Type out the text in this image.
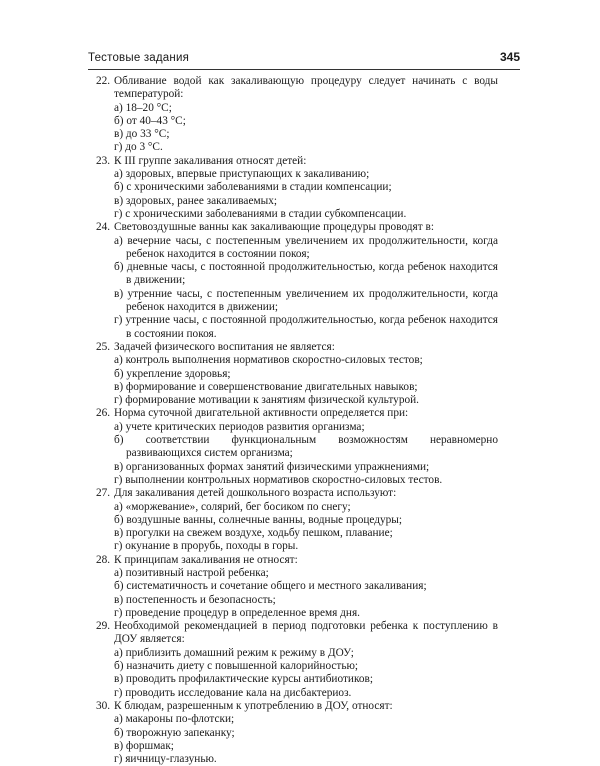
Тестовые задания	345
22. Обливание водой как закаливающую процедуру следует начинать с воды температурой:
а) 18–20 °С;
б) от 40–43 °С;
в) до 33 °С;
г) до 3 °С.
23. К III группе закаливания относят детей:
а) здоровых, впервые приступающих к закаливанию;
б) с хроническими заболеваниями в стадии компенсации;
в) здоровых, ранее закаливаемых;
г) с хроническими заболеваниями в стадии субкомпенсации.
24. Световоздушные ванны как закаливающие процедуры проводят в:
а) вечерние часы, с постепенным увеличением их продолжительности, когда ребенок находится в состоянии покоя;
б) дневные часы, с постоянной продолжительностью, когда ребенок находится в движении;
в) утренние часы, с постепенным увеличением их продолжительности, когда ребенок находится в движении;
г) утренние часы, с постоянной продолжительностью, когда ребенок находится в состоянии покоя.
25. Задачей физического воспитания не является:
а) контроль выполнения нормативов скоростно-силовых тестов;
б) укрепление здоровья;
в) формирование и совершенствование двигательных навыков;
г) формирование мотивации к занятиям физической культурой.
26. Норма суточной двигательной активности определяется при:
а) учете критических периодов развития организма;
б) соответствии функциональным возможностям неравномерно развивающихся систем организма;
в) организованных формах занятий физическими упражнениями;
г) выполнении контрольных нормативов скоростно-силовых тестов.
27. Для закаливания детей дошкольного возраста используют:
а) «моржевание», солярий, бег босиком по снегу;
б) воздушные ванны, солнечные ванны, водные процедуры;
в) прогулки на свежем воздухе, ходьбу пешком, плавание;
г) окунание в прорубь, походы в горы.
28. К принципам закаливания не относят:
а) позитивный настрой ребенка;
б) систематичность и сочетание общего и местного закаливания;
в) постепенность и безопасность;
г) проведение процедур в определенное время дня.
29. Необходимой рекомендацией в период подготовки ребенка к поступлению в ДОУ является:
а) приблизить домашний режим к режиму в ДОУ;
б) назначить диету с повышенной калорийностью;
в) проводить профилактические курсы антибиотиков;
г) проводить исследование кала на дисбактериоз.
30. К блюдам, разрешенным к употреблению в ДОУ, относят:
а) макароны по-флотски;
б) творожную запеканку;
в) форшмак;
г) яичницу-глазунью.
